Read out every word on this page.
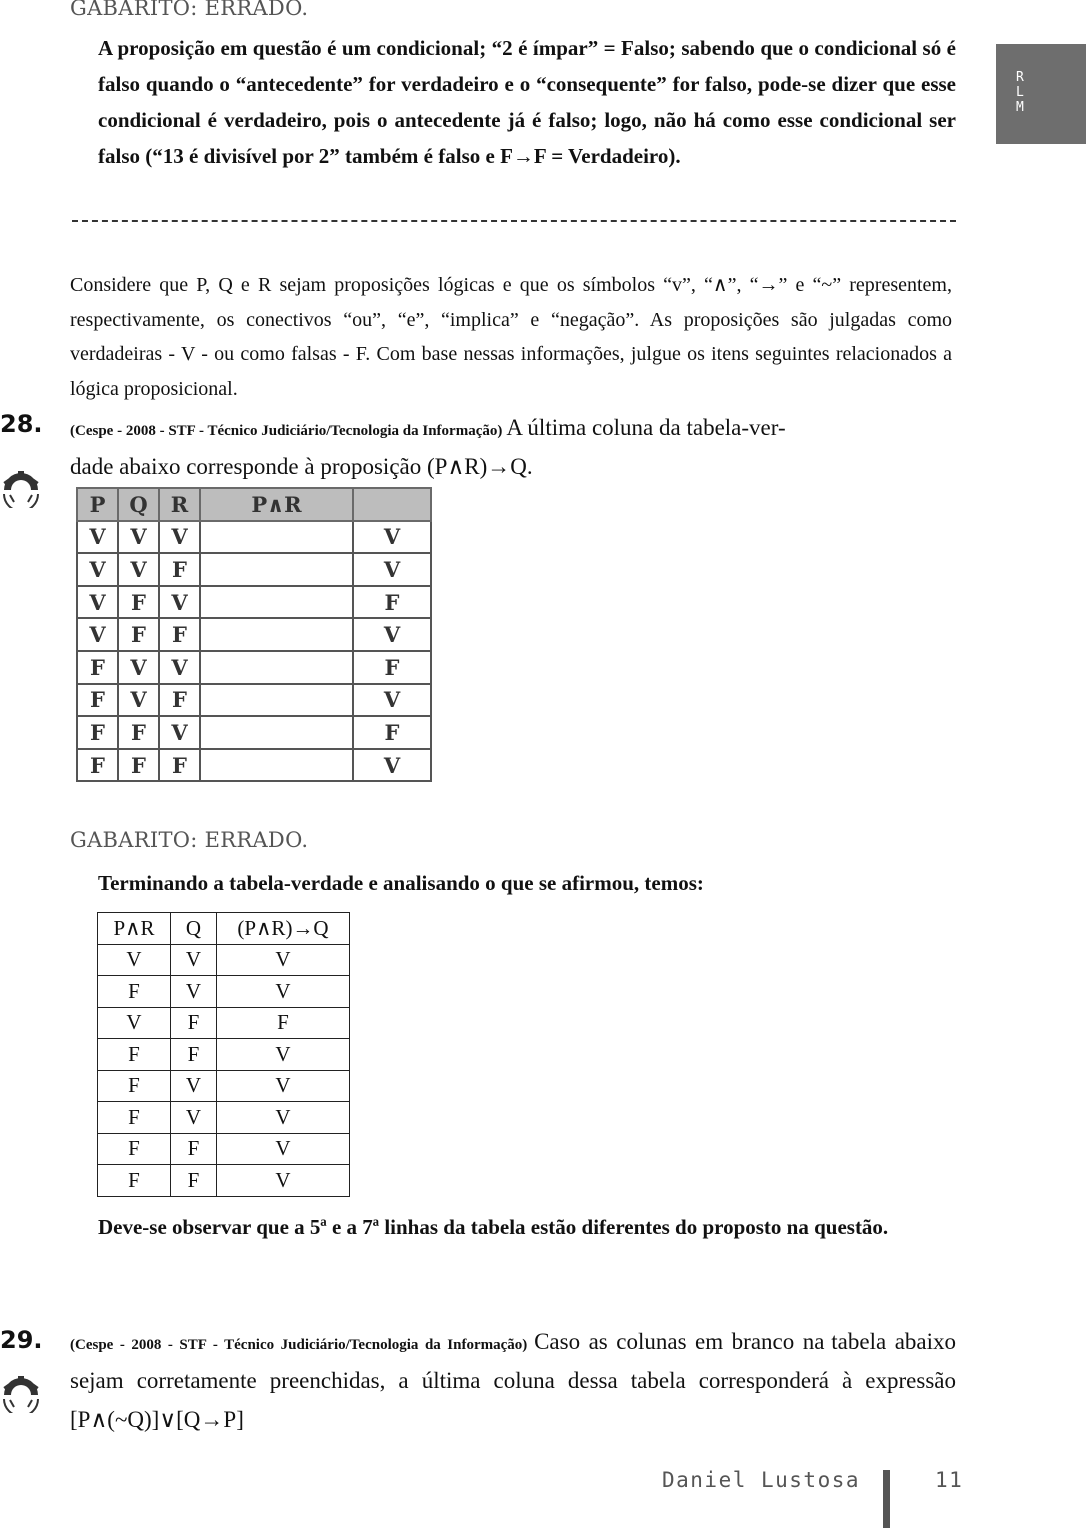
R
L
M
GABARITO: ERRADO.
A proposição em questão é um condicional; “2 é ímpar” = Falso; sabendo que o condicional só é falso quando o “antecedente” for verdadeiro e o “consequente” for falso, pode-se dizer que esse condicional é verdadeiro, pois o antecedente já é falso; logo, não há como esse condicional ser falso (“13 é divisível por 2” também é falso e F→F = Verdadeiro).
Considere que P, Q e R sejam proposições lógicas e que os símbolos “v”, “∧”, “→” e “~” representem, respectivamente, os conectivos “ou”, “e”, “implica” e “negação”. As proposições são julgadas como verdadeiras - V - ou como falsas - F. Com base nessas informações, julgue os itens seguintes relacionados a lógica proposicional.
28. (Cespe - 2008 - STF - Técnico Judiciário/Tecnologia da Informação) A última coluna da tabela-ver-
dade abaixo corresponde à proposição (P∧R)→Q.
P	Q	R	P∧R	
V	V	V		V
V	V	F		V
V	F	V		F
V	F	F		V
F	V	V		F
F	V	F		V
F	F	V		F
F	F	F		V
GABARITO: ERRADO.
Terminando a tabela-verdade e analisando o que se afirmou, temos:
P∧R	Q	(P∧R)→Q
V	V	V
F	V	V
V	F	F
F	F	V
F	V	V
F	V	V
F	F	V
F	F	V
Deve-se observar que a 5ª e a 7ª linhas da tabela estão diferentes do proposto na questão.
29. (Cespe - 2008 - STF - Técnico Judiciário/Tecnologia da Informação) Caso as colunas em branco na tabela abaixo sejam corretamente preenchidas, a última coluna dessa tabela corresponderá à expressão [P∧(~Q)]∨[Q→P]
Daniel Lustosa	11
